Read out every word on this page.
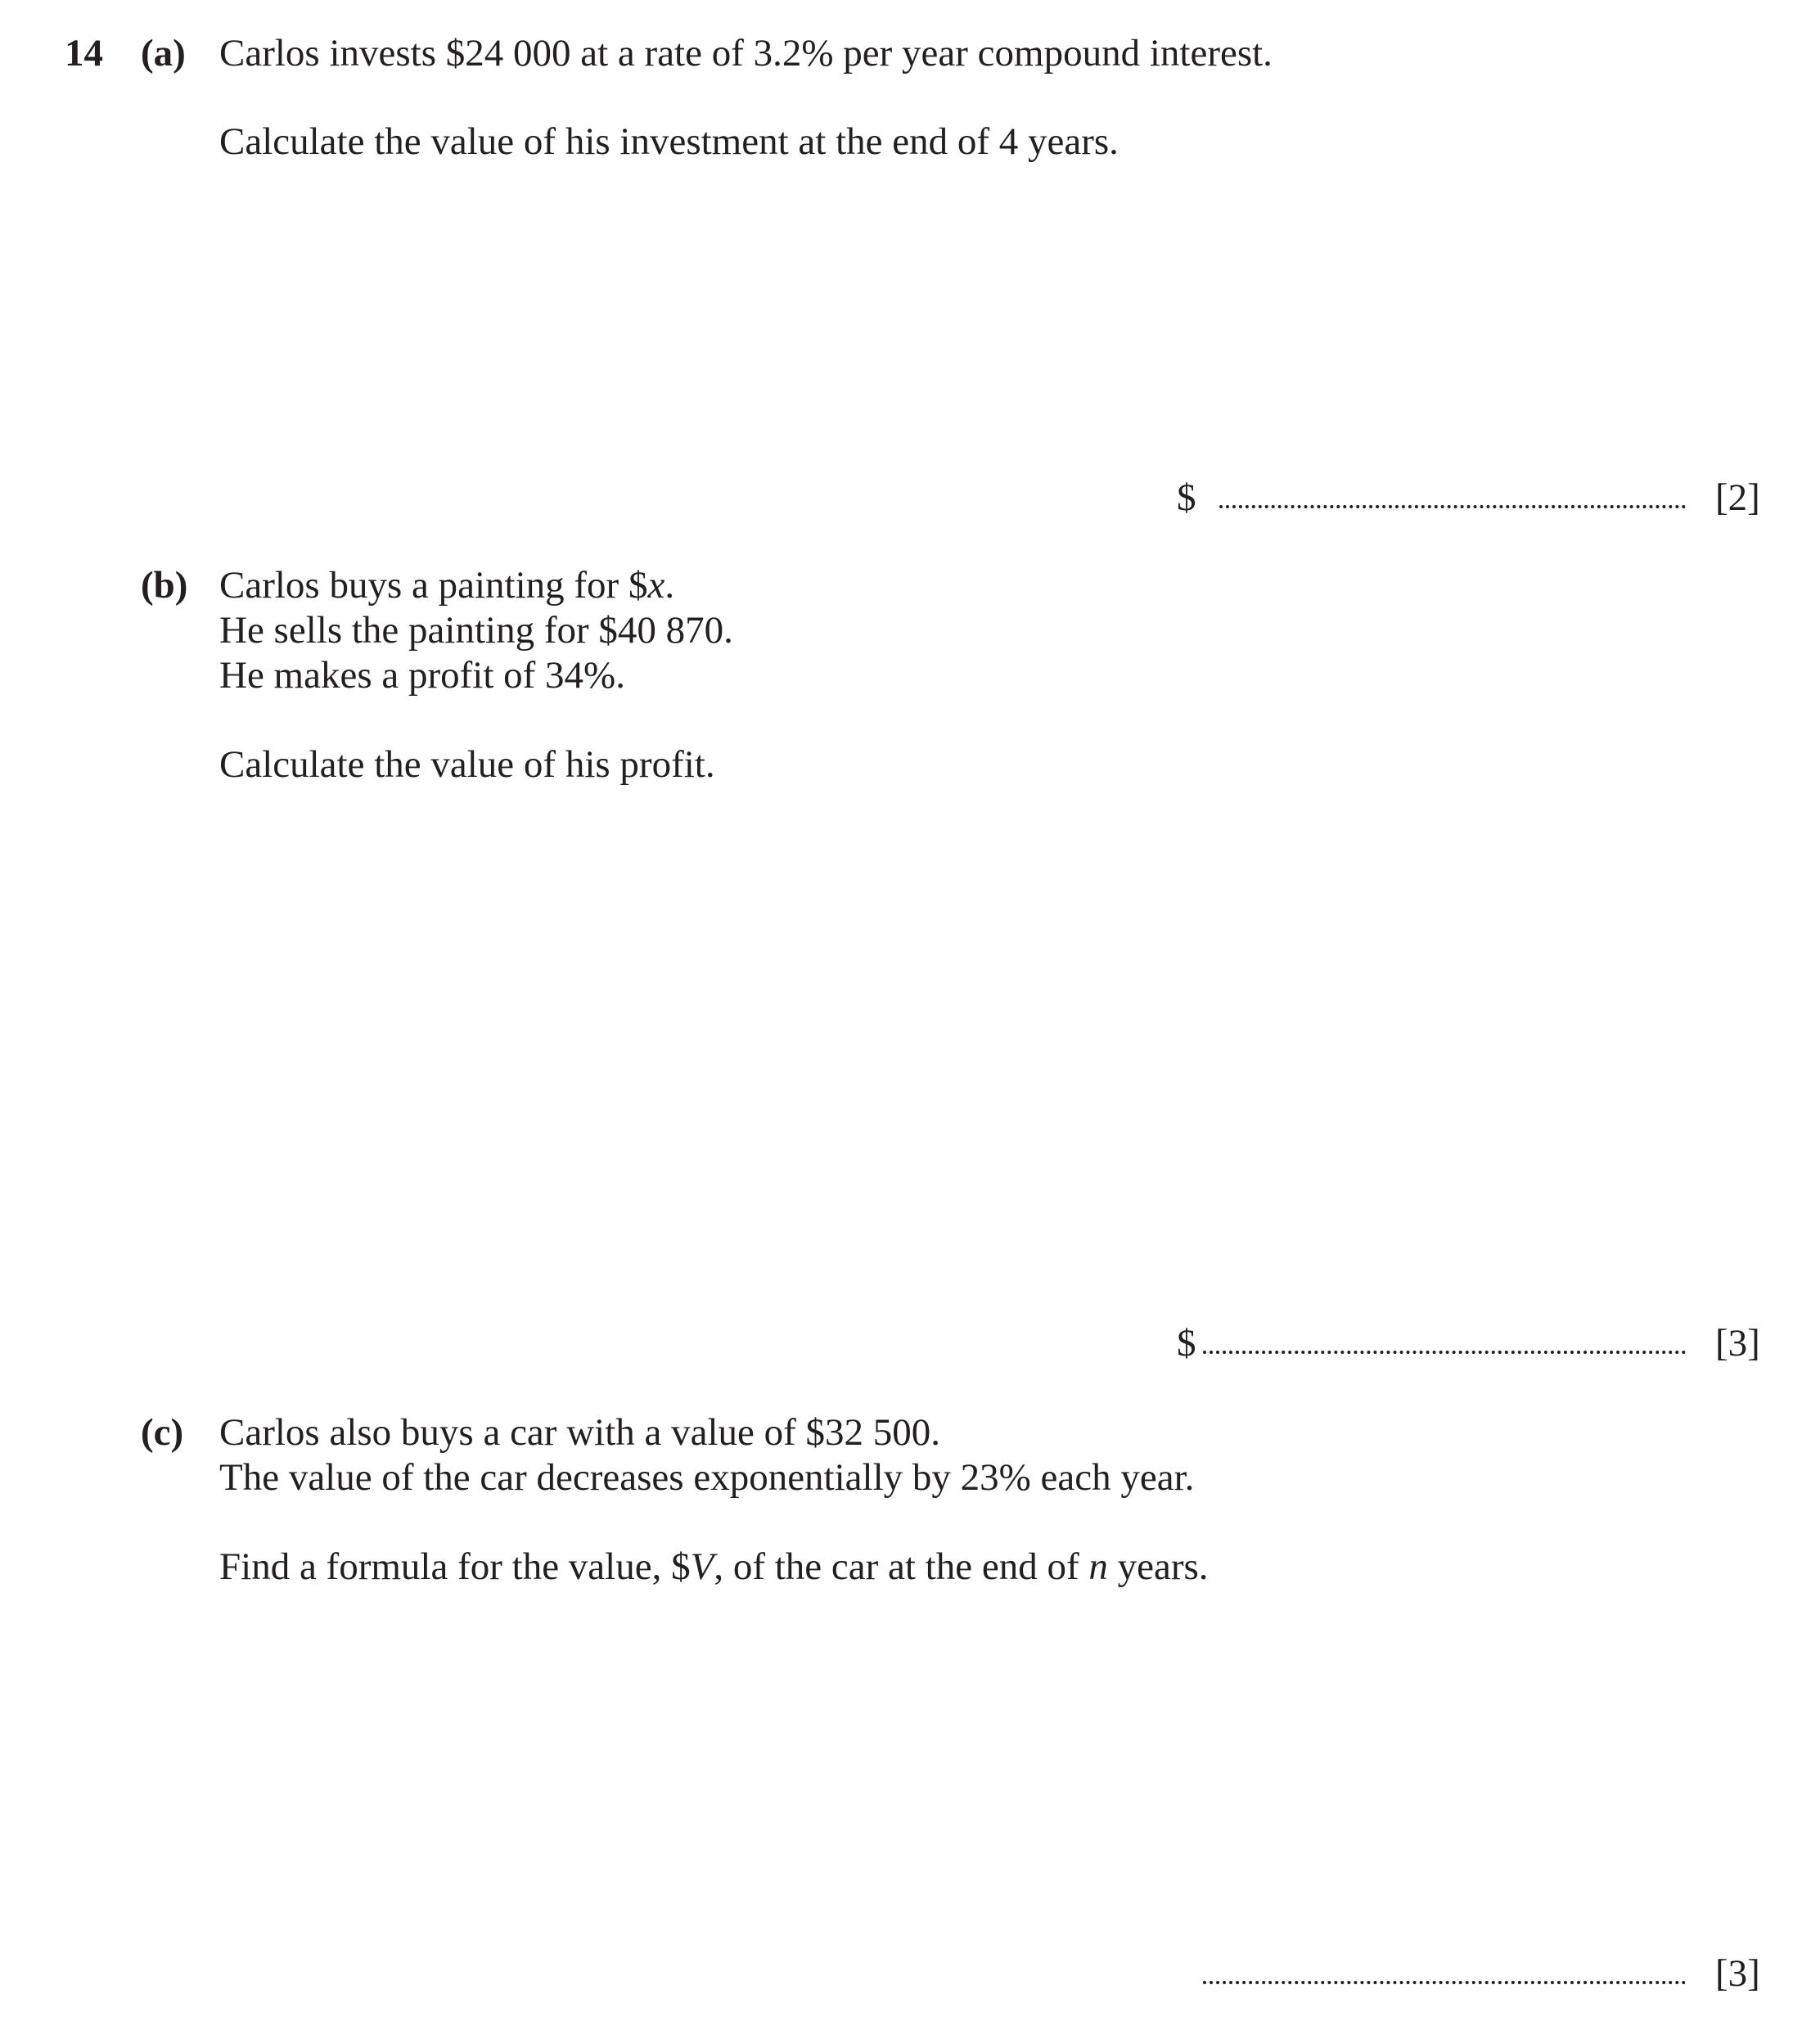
14 (a) Carlos invests $24 000 at a rate of 3.2% per year compound interest.
Calculate the value of his investment at the end of 4 years.
$	[2]
(b) Carlos buys a painting for $x.
He sells the painting for $40 870.
He makes a profit of 34%.
Calculate the value of his profit.
$	[3]
(c) Carlos also buys a car with a value of $32 500.
The value of the car decreases exponentially by 23% each year.
Find a formula for the value, $V, of the car at the end of n years.
[3]
